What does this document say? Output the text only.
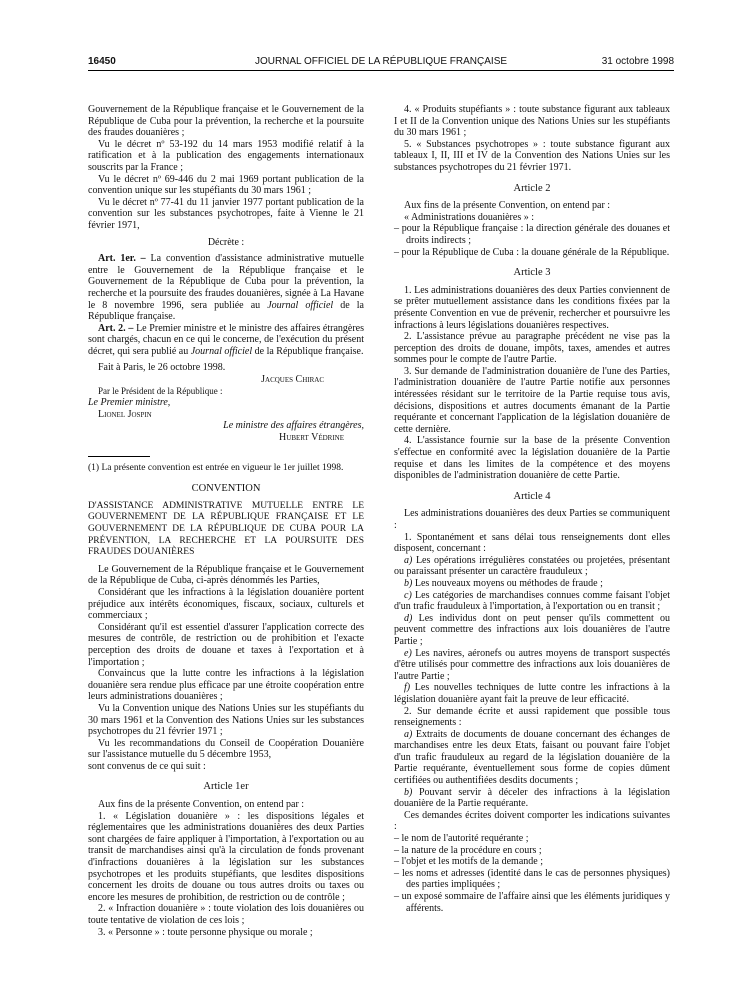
16450	JOURNAL OFFICIEL DE LA RÉPUBLIQUE FRANÇAISE	31 octobre 1998

Gouvernement de la République française et le Gouvernement de la République de Cuba pour la prévention, la recherche et la poursuite des fraudes douanières ;

Vu le décret nº 53-192 du 14 mars 1953 modifié relatif à la ratification et à la publication des engagements internationaux souscrits par la France ;

Vu le décret nº 69-446 du 2 mai 1969 portant publication de la convention unique sur les stupéfiants du 30 mars 1961 ;

Vu le décret nº 77-41 du 11 janvier 1977 portant publication de la convention sur les substances psychotropes, faite à Vienne le 21 février 1971,

Décrète :

Art. 1er. – La convention d'assistance administrative mutuelle entre le Gouvernement de la République française et le Gouvernement de la République de Cuba pour la prévention, la recherche et la poursuite des fraudes douanières, signée à La Havane le 8 novembre 1996, sera publiée au Journal officiel de la République française.

Art. 2. – Le Premier ministre et le ministre des affaires étrangères sont chargés, chacun en ce qui le concerne, de l'exécution du présent décret, qui sera publié au Journal officiel de la République française.

Fait à Paris, le 26 octobre 1998.

Jacques Chirac

Par le Président de la République :

Le Premier ministre,

Lionel Jospin

Le ministre des affaires étrangères,

Hubert Védrine

(1) La présente convention est entrée en vigueur le 1er juillet 1998.

CONVENTION

D'ASSISTANCE ADMINISTRATIVE MUTUELLE ENTRE LE GOUVERNEMENT DE LA RÉPUBLIQUE FRANÇAISE ET LE GOUVERNEMENT DE LA RÉPUBLIQUE DE CUBA POUR LA PRÉVENTION, LA RECHERCHE ET LA POURSUITE DES FRAUDES DOUANIÈRES

Le Gouvernement de la République française et le Gouvernement de la République de Cuba, ci-après dénommés les Parties,

Considérant que les infractions à la législation douanière portent préjudice aux intérêts économiques, fiscaux, sociaux, culturels et commerciaux ;

Considérant qu'il est essentiel d'assurer l'application correcte des mesures de contrôle, de restriction ou de prohibition et l'exacte perception des droits de douane et taxes à l'exportation et à l'importation ;

Convaincus que la lutte contre les infractions à la législation douanière sera rendue plus efficace par une étroite coopération entre leurs administrations douanières ;

Vu la Convention unique des Nations Unies sur les stupéfiants du 30 mars 1961 et la Convention des Nations Unies sur les substances psychotropes du 21 février 1971 ;

Vu les recommandations du Conseil de Coopération Douanière sur l'assistance mutuelle du 5 décembre 1953,

sont convenus de ce qui suit :

Article 1er

Aux fins de la présente Convention, on entend par :

1. « Législation douanière » : les dispositions légales et réglementaires que les administrations douanières des deux Parties sont chargées de faire appliquer à l'importation, à l'exportation ou au transit de marchandises ainsi qu'à la circulation de fonds provenant d'infractions douanières à la législation sur les substances psychotropes et les produits stupéfiants, que lesdites dispositions concernent les droits de douane ou tous autres droits ou taxes ou encore les mesures de prohibition, de restriction ou de contrôle ;

2. « Infraction douanière » : toute violation des lois douanières ou toute tentative de violation de ces lois ;

3. « Personne » : toute personne physique ou morale ;

4. « Produits stupéfiants » : toute substance figurant aux tableaux I et II de la Convention unique des Nations Unies sur les stupéfiants du 30 mars 1961 ;

5. « Substances psychotropes » : toute substance figurant aux tableaux I, II, III et IV de la Convention des Nations Unies sur les substances psychotropes du 21 février 1971.

Article 2

Aux fins de la présente Convention, on entend par :

« Administrations douanières » :

– pour la République française : la direction générale des douanes et droits indirects ;

– pour la République de Cuba : la douane générale de la République.

Article 3

1. Les administrations douanières des deux Parties conviennent de se prêter mutuellement assistance dans les conditions fixées par la présente Convention en vue de prévenir, rechercher et poursuivre les infractions à leurs législations douanières respectives.

2. L'assistance prévue au paragraphe précédent ne vise pas la perception des droits de douane, impôts, taxes, amendes et autres sommes pour le compte de l'autre Partie.

3. Sur demande de l'administration douanière de l'une des Parties, l'administration douanière de l'autre Partie notifie aux personnes intéressées résidant sur le territoire de la Partie requise tous avis, décisions, dispositions et autres documents émanant de la Partie requérante et concernant l'application de la législation douanière de cette dernière.

4. L'assistance fournie sur la base de la présente Convention s'effectue en conformité avec la législation douanière de la Partie requise et dans les limites de la compétence et des moyens disponibles de l'administration douanière de cette Partie.

Article 4

Les administrations douanières des deux Parties se communiquent :

1. Spontanément et sans délai tous renseignements dont elles disposent, concernant :

a) Les opérations irrégulières constatées ou projetées, présentant ou paraissant présenter un caractère frauduleux ;

b) Les nouveaux moyens ou méthodes de fraude ;

c) Les catégories de marchandises connues comme faisant l'objet d'un trafic frauduleux à l'importation, à l'exportation ou en transit ;

d) Les individus dont on peut penser qu'ils commettent ou peuvent commettre des infractions aux lois douanières de l'autre Partie ;

e) Les navires, aéronefs ou autres moyens de transport suspectés d'être utilisés pour commettre des infractions aux lois douanières de l'autre Partie ;

f) Les nouvelles techniques de lutte contre les infractions à la législation douanière ayant fait la preuve de leur efficacité.

2. Sur demande écrite et aussi rapidement que possible tous renseignements :

a) Extraits de documents de douane concernant des échanges de marchandises entre les deux Etats, faisant ou pouvant faire l'objet d'un trafic frauduleux au regard de la législation douanière de la Partie requérante, éventuellement sous forme de copies dûment certifiées ou authentifiées desdits documents ;

b) Pouvant servir à déceler des infractions à la législation douanière de la Partie requérante.

Ces demandes écrites doivent comporter les indications suivantes :

– le nom de l'autorité requérante ;

– la nature de la procédure en cours ;

– l'objet et les motifs de la demande ;

– les noms et adresses (identité dans le cas de personnes physiques) des parties impliquées ;

– un exposé sommaire de l'affaire ainsi que les éléments juridiques y afférents.
